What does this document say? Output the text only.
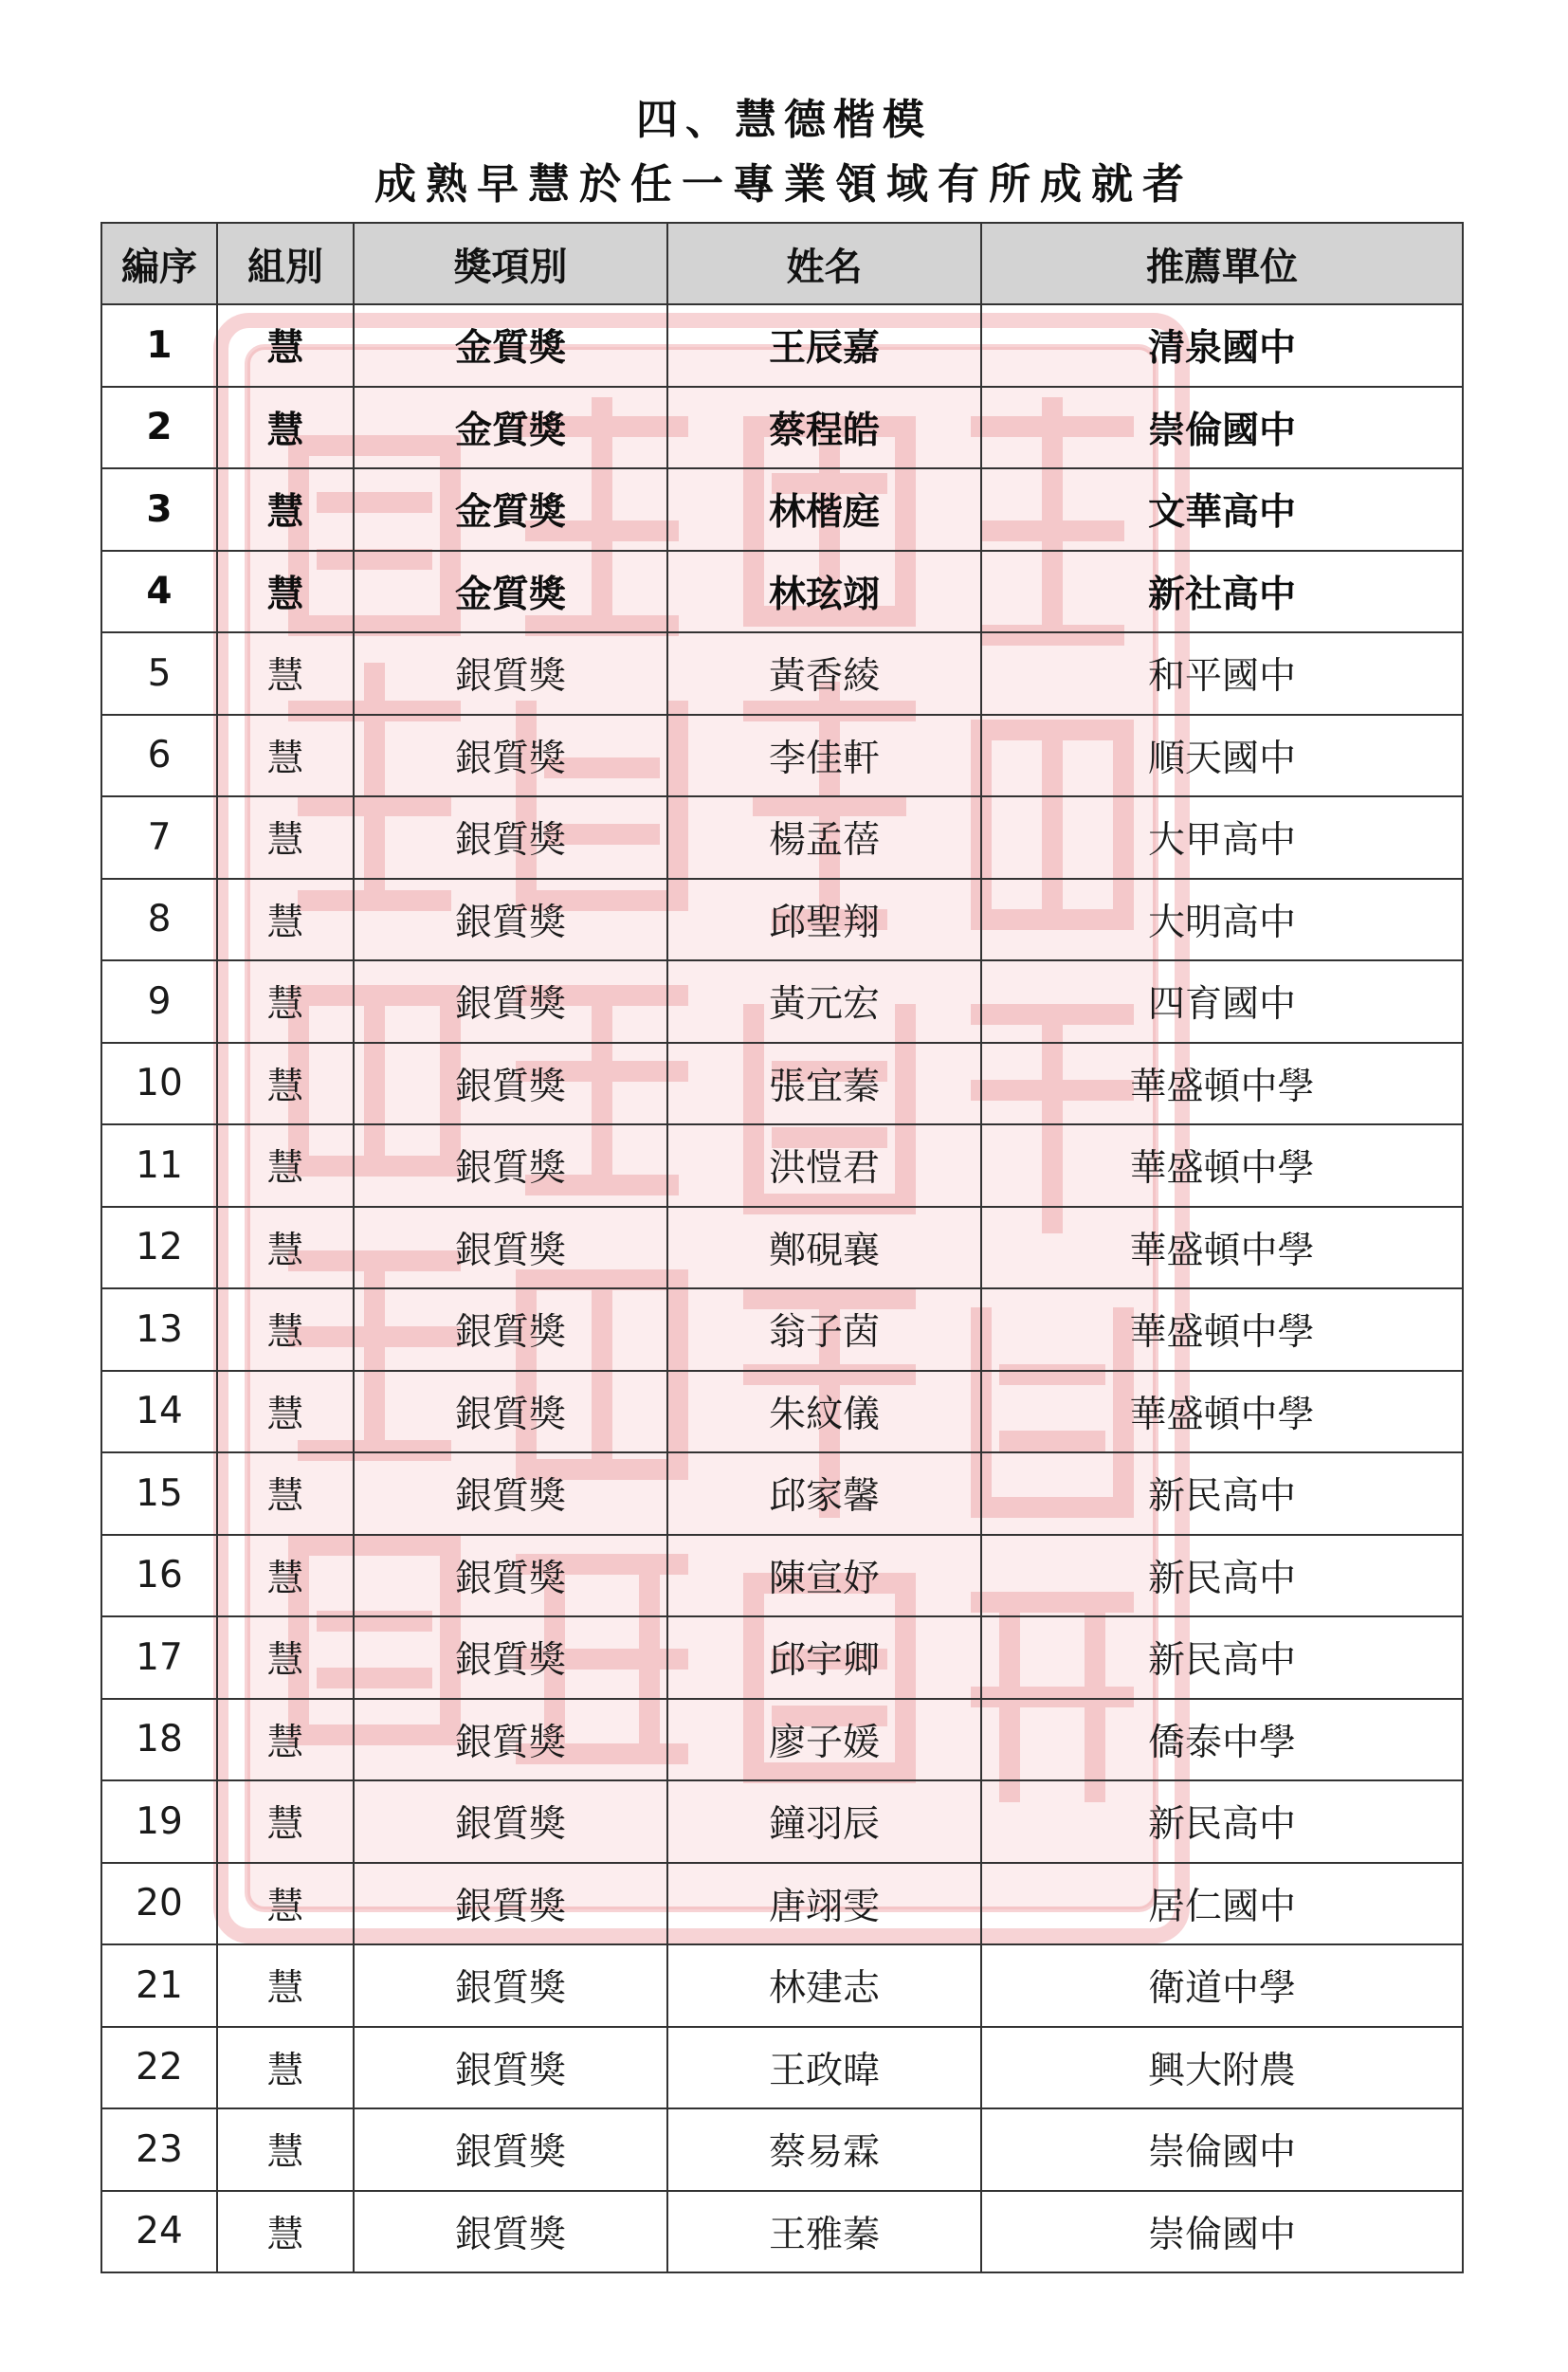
四、慧德楷模
成熟早慧於任一專業領域有所成就者
編序	組別	獎項別	姓名	推薦單位
1	慧	金質獎	王辰嘉	清泉國中
2	慧	金質獎	蔡程皓	崇倫國中
3	慧	金質獎	林楷庭	文華高中
4	慧	金質獎	林玹翊	新社高中
5	慧	銀質獎	黃香綾	和平國中
6	慧	銀質獎	李佳軒	順天國中
7	慧	銀質獎	楊孟蓓	大甲高中
8	慧	銀質獎	邱聖翔	大明高中
9	慧	銀質獎	黃元宏	四育國中
10	慧	銀質獎	張宜蓁	華盛頓中學
11	慧	銀質獎	洪愷君	華盛頓中學
12	慧	銀質獎	鄭硯襄	華盛頓中學
13	慧	銀質獎	翁子茵	華盛頓中學
14	慧	銀質獎	朱紋儀	華盛頓中學
15	慧	銀質獎	邱家馨	新民高中
16	慧	銀質獎	陳宣妤	新民高中
17	慧	銀質獎	邱宇卿	新民高中
18	慧	銀質獎	廖子媛	僑泰中學
19	慧	銀質獎	鐘羽辰	新民高中
20	慧	銀質獎	唐翊雯	居仁國中
21	慧	銀質獎	林建志	衛道中學
22	慧	銀質獎	王政暐	興大附農
23	慧	銀質獎	蔡易霖	崇倫國中
24	慧	銀質獎	王雅蓁	崇倫國中
